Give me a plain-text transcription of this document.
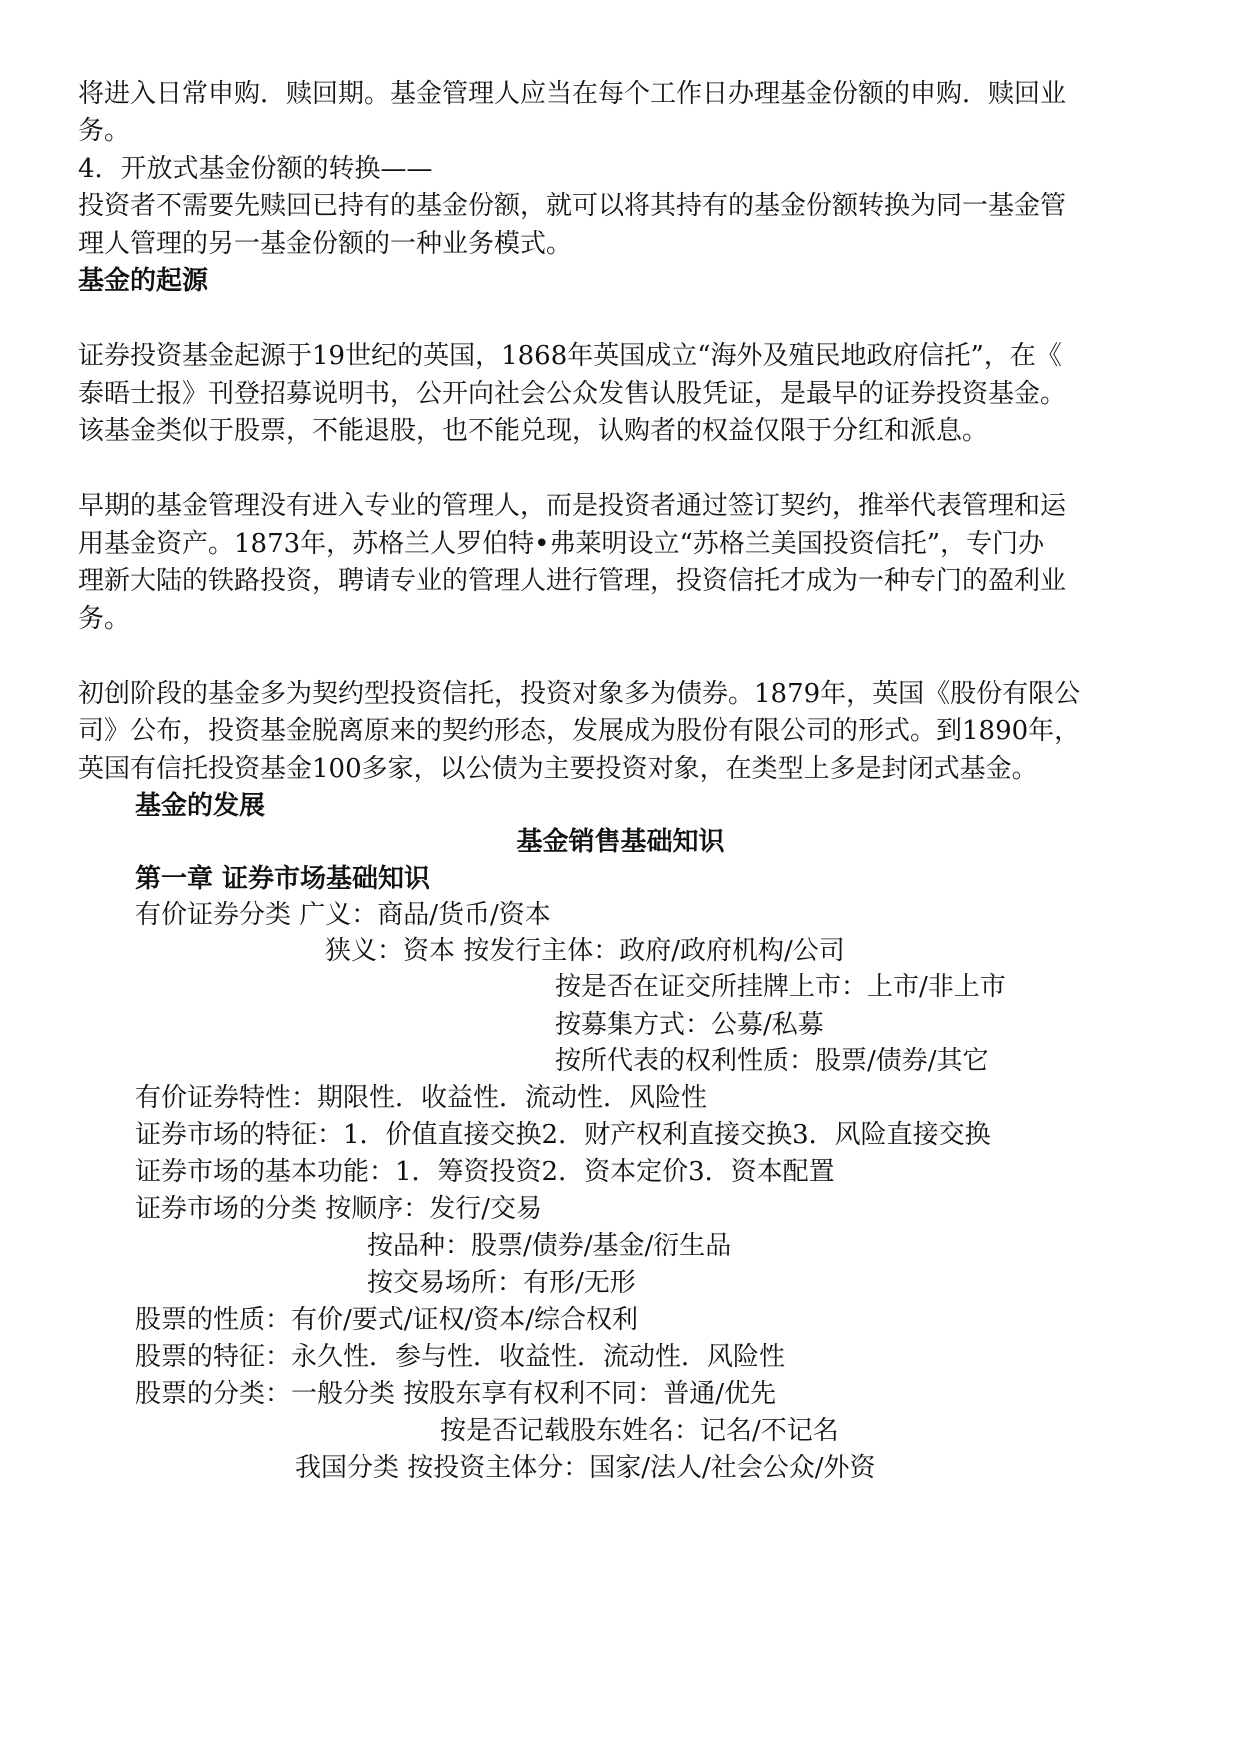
将进入日常申购．赎回期。基金管理人应当在每个工作日办理基金份额的申购．赎回业
务。
4．开放式基金份额的转换——
投资者不需要先赎回已持有的基金份额，就可以将其持有的基金份额转换为同一基金管
理人管理的另一基金份额的一种业务模式。
基金的起源
证券投资基金起源于19世纪的英国，1868年英国成立“海外及殖民地政府信托”，在《
泰晤士报》刊登招募说明书，公开向社会公众发售认股凭证，是最早的证券投资基金。
该基金类似于股票，不能退股，也不能兑现，认购者的权益仅限于分红和派息。
早期的基金管理没有进入专业的管理人，而是投资者通过签订契约，推举代表管理和运
用基金资产。1873年，苏格兰人罗伯特•弗莱明设立“苏格兰美国投资信托”，专门办
理新大陆的铁路投资，聘请专业的管理人进行管理，投资信托才成为一种专门的盈利业
务。
初创阶段的基金多为契约型投资信托，投资对象多为债券。1879年，英国《股份有限公
司》公布，投资基金脱离原来的契约形态，发展成为股份有限公司的形式。到1890年，
英国有信托投资基金100多家，以公债为主要投资对象，在类型上多是封闭式基金。
基金的发展
基金销售基础知识
第一章 证券市场基础知识
有价证券分类 广义：商品/货币/资本
狭义：资本 按发行主体：政府/政府机构/公司
按是否在证交所挂牌上市：上市/非上市
按募集方式：公募/私募
按所代表的权利性质：股票/债券/其它
有价证券特性：期限性．收益性．流动性．风险性
证券市场的特征：1．价值直接交换2．财产权利直接交换3．风险直接交换
证券市场的基本功能：1．筹资投资2．资本定价3．资本配置
证券市场的分类 按顺序：发行/交易
按品种：股票/债券/基金/衍生品
按交易场所：有形/无形
股票的性质：有价/要式/证权/资本/综合权利
股票的特征：永久性．参与性．收益性．流动性．风险性
股票的分类：一般分类 按股东享有权利不同：普通/优先
按是否记载股东姓名：记名/不记名
我国分类 按投资主体分：国家/法人/社会公众/外资
